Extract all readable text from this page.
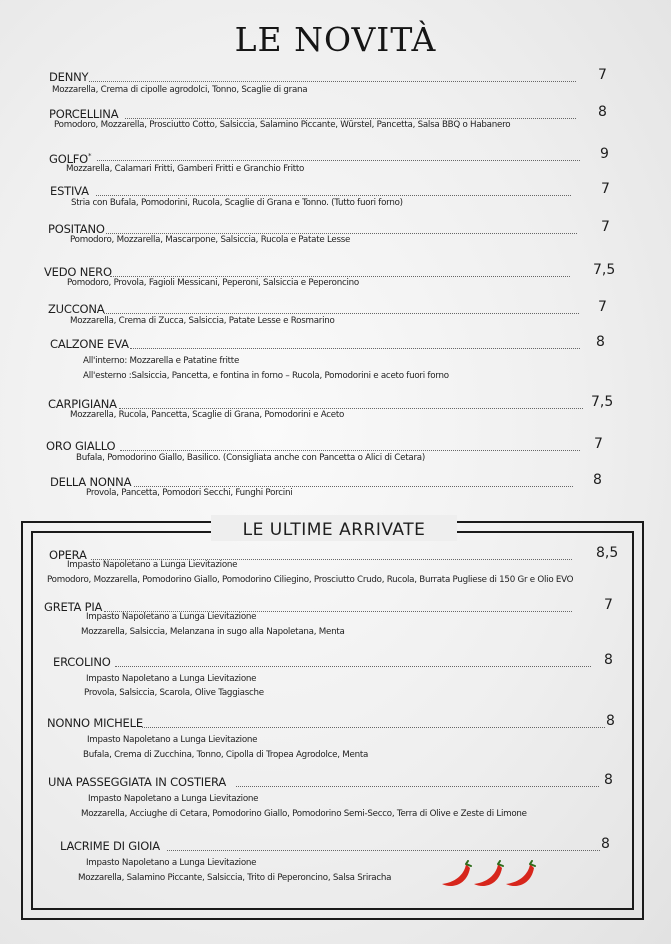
LE NOVITÀ
DENNY	7
Mozzarella, Crema di cipolle agrodolci, Tonno, Scaglie di grana
PORCELLINA	8
Pomodoro, Mozzarella, Prosciutto Cotto, Salsiccia, Salamino Piccante, Würstel, Pancetta, Salsa BBQ o Habanero
GOLFO*	9
Mozzarella, Calamari Fritti, Gamberi Fritti e Granchio Fritto
ESTIVA	7
Stria con Bufala, Pomodorini, Rucola, Scaglie di Grana e Tonno. (Tutto fuori forno)
POSITANO	7
Pomodoro, Mozzarella, Mascarpone, Salsiccia, Rucola e Patate Lesse
VEDO NERO	7,5
Pomodoro, Provola, Fagioli Messicani, Peperoni, Salsiccia e Peperoncino
ZUCCONA	7
Mozzarella, Crema di Zucca, Salsiccia, Patate Lesse e Rosmarino
CALZONE EVA	8
All'interno: Mozzarella e Patatine fritte
All'esterno :Salsiccia, Pancetta, e fontina in forno – Rucola, Pomodorini e aceto fuori forno
CARPIGIANA	7,5
Mozzarella, Rucola, Pancetta, Scaglie di Grana, Pomodorini e Aceto
ORO GIALLO	7
Bufala, Pomodorino Giallo, Basilico. (Consigliata anche con Pancetta o Alici di Cetara)
DELLA NONNA	8
Provola, Pancetta, Pomodori Secchi, Funghi Porcini
LE ULTIME ARRIVATE
OPERA	8,5
Impasto Napoletano a Lunga Lievitazione
Pomodoro, Mozzarella, Pomodorino Giallo, Pomodorino Ciliegino, Prosciutto Crudo, Rucola, Burrata Pugliese di 150 Gr e Olio EVO
GRETA PIA	7
Impasto Napoletano a Lunga Lievitazione
Mozzarella, Salsiccia, Melanzana in sugo alla Napoletana, Menta
ERCOLINO	8
Impasto Napoletano a Lunga Lievitazione
Provola, Salsiccia, Scarola, Olive Taggiasche
NONNO MICHELE	8
Impasto Napoletano a Lunga Lievitazione
Bufala, Crema di Zucchina, Tonno, Cipolla di Tropea Agrodolce, Menta
UNA PASSEGGIATA IN COSTIERA	8
Impasto Napoletano a Lunga Lievitazione
Mozzarella, Acciughe di Cetara, Pomodorino Giallo, Pomodorino Semi-Secco, Terra di Olive e Zeste di Limone
LACRIME DI GIOIA	8
Impasto Napoletano a Lunga Lievitazione
Mozzarella, Salamino Piccante, Salsiccia, Trito di Peperoncino, Salsa Sriracha
